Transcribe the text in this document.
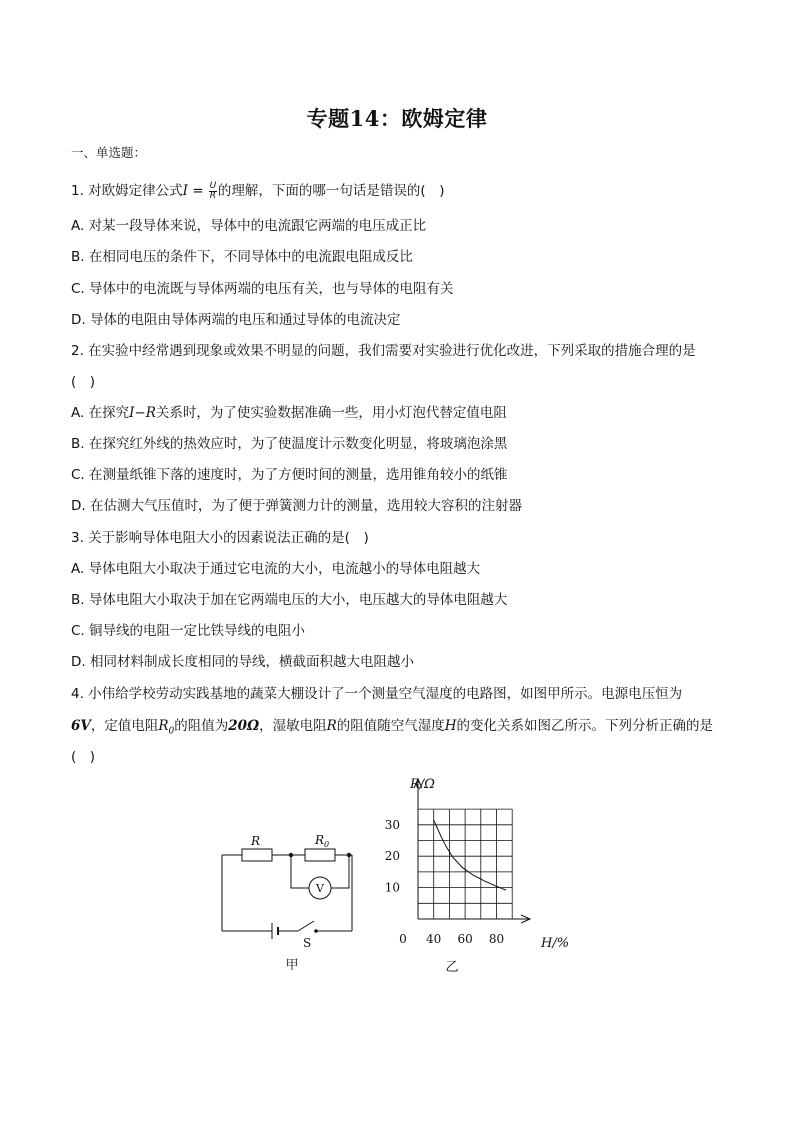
专题14：欧姆定律
一、单选题：
1. 对欧姆定律公式$I = \frac{U}{R}$ 的理解，下面的哪一句话是错误的(　)
A. 对某一段导体来说，导体中的电流跟它两端的电压成正比
B. 在相同电压的条件下，不同导体中的电流跟电阻成反比
C. 导体中的电流既与导体两端的电压有关，也与导体的电阻有关
D. 导体的电阻由导体两端的电压和通过导体的电流决定
2. 在实验中经常遇到现象或效果不明显的问题，我们需要对实验进行优化改进，下列采取的措施合理的是
(　)
A. 在探究I−R关系时，为了使实验数据准确一些，用小灯泡代替定值电阻
B. 在探究红外线的热效应时，为了使温度计示数变化明显，将玻璃泡涂黑
C. 在测量纸锥下落的速度时，为了方便时间的测量，选用锥角较小的纸锥
D. 在估测大气压值时，为了便于弹簧测力计的测量，选用较大容积的注射器
3. 关于影响导体电阻大小的因素说法正确的是(　)
A. 导体电阻大小取决于通过它电流的大小，电流越小的导体电阻越大
B. 导体电阻大小取决于加在它两端电压的大小，电压越大的导体电阻越大
C. 铜导线的电阻一定比铁导线的电阻小
D. 相同材料制成长度相同的导线，横截面积越大电阻越小
4. 小伟给学校劳动实践基地的蔬菜大棚设计了一个测量空气湿度的电路图，如图甲所示。电源电压恒为
6V，定值电阻$R_0$的阻值为20Ω，湿敏电阻R的阻值随空气湿度H的变化关系如图乙所示。下列分析正确的是
(　)
R	$R_0$
V
S
甲
10
20
30
0 40 60 80
R/Ω
H/%
乙
